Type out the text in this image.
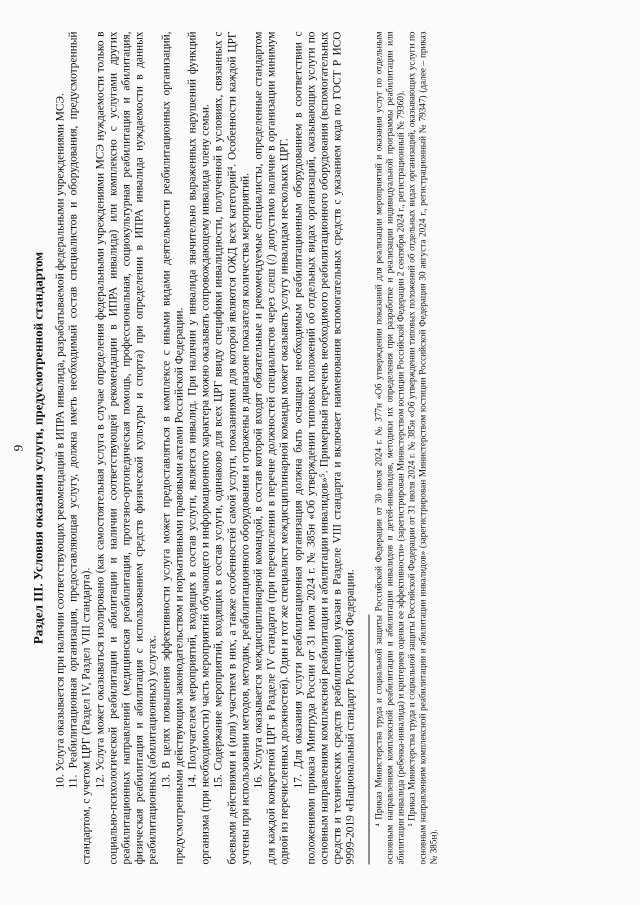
9 Раздел III. Условия оказания услуги, предусмотренной стандартом

10. Услуга оказывается при наличии соответствующих рекомендаций в ИПРА инвалида, разрабатываемой федеральными учреждениями МСЭ.

11. Реабилитационная организация, предоставляющая услугу, должна иметь необходимый состав специалистов и оборудования, предусмотренный стандартом, с учетом ЦРГ (Раздел IV, Раздел VIII стандарта). 12. Услуга может оказываться изолировано (как самостоятельная услуга в случае определения федеральными учреждениями МСЭ нуждаемости только в социально-психологической реабилитации и абилитации и наличии соответствующей рекомендации в ИПРА инвалида) или комплексно с услугами других реабилитационных направлений (медицинская реабилитация, протезно-ортопедическая помощь, профессиональная, социокультурная реабилитация и абилитация, физическая реабилитация и абилитация с использованием средств физической культуры и спорта) при определении в ИПРА инвалида нуждаемости в данных реабилитационных (абилитационных) услугах. 13. В целях повышения эффективности услуга может предоставляться в комплексе с иными видами деятельности реабилитационных организаций, предусмотренными действующим законодательством и нормативными правовыми актами Российской Федерации. 14. Получателем мероприятий, входящих в состав услуги, является инвалид. При наличии у инвалида значительно выраженных нарушений функций организма (при необходимости) часть мероприятий обучающего и информационного характера можно оказывать сопровождающему инвалида члену семьи. 15. Содержание мероприятий, входящих в состав услуги, одинаково для всех ЦРГ ввиду специфики инвалидности, полученной в условиях, связанных с боевыми действиями и (или) участием в них, а также особенностей самой услуги, показаниями для которой являются ОЖД всех категорий⁴. Особенности каждой ЦРГ учтены при использовании методов, методик, реабилитационного оборудования и отражены в диапазоне показателя количества мероприятий. 16. Услуга оказывается междисциплинарной командой, в состав которой входят обязательные и рекомендуемые специалисты, определенные стандартом для каждой конкретной ЦРГ в Разделе IV стандарта (при перечислении в перечне должностей специалистов через слеш (/) допустимо наличие в организации минимум одной из перечисленных должностей). Один и тот же специалист междисциплинарной команды может оказывать услугу инвалидам нескольких ЦРГ. 17. Для оказания услуги реабилитационная организация должна быть оснащена необходимым реабилитационным оборудованием в соответствии с положениями приказа Минтруда России от 31 июля 2024 г. № 385н «Об утверждении типовых положений об отдельных видах организаций, оказывающих услуги по основным направлениям комплексной реабилитации и абилитации инвалидов»⁵. Примерный перечень необходимого реабилитационного оборудования (вспомогательных средств и технических средств реабилитации) указан в Разделе VIII стандарта и включает наименования вспомогательных средств с указанием кода по ГОСТ Р ИСО 9999-2019 «Национальный стандарт Российской Федерации. ⁴ Приказ Министерства труда и социальной защиты Российской Федерации от 30 июля 2024 г. № 377н «Об утверждении показаний для реализации мероприятий и оказания услуг по отдельным основным направлениям комплексной реабилитации и абилитации инвалидов и детей-инвалидов, методики их определения при разработке и реализации индивидуальной программы реабилитации или абилитации инвалида (ребенка-инвалида) и критериев оценки ее эффективности» (зарегистрирован Министерством юстиции Российской Федерации 2 сентября 2024 г., регистрационный № 79360). ⁵ Приказ Министерства труда и социальной защиты Российской Федерации от 31 июля 2024 г. № 385н «Об утверждении типовых положений об отдельных видах организаций, оказывающих услуги по основным направлениям комплексной реабилитации и абилитации инвалидов» (зарегистрирован Министерством юстиции Российской Федерации 30 августа 2024 г., регистрационный № 79347) (далее – приказ № 385н).
